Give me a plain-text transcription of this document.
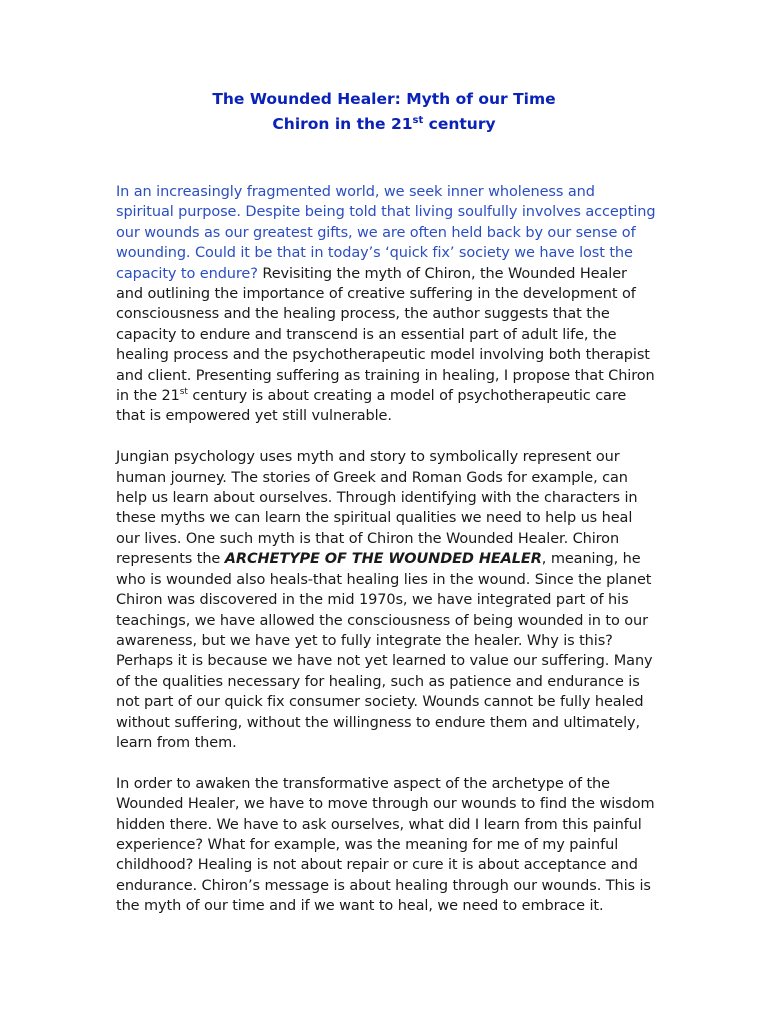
The Wounded Healer: Myth of our Time
Chiron in the 21st century

In an increasingly fragmented world, we seek inner wholeness and spiritual purpose. Despite being told that living soulfully involves accepting our wounds as our greatest gifts, we are often held back by our sense of wounding. Could it be that in today’s ‘quick fix’ society we have lost the capacity to endure? Revisiting the myth of Chiron, the Wounded Healer and outlining the importance of creative suffering in the development of consciousness and the healing process, the author suggests that the capacity to endure and transcend is an essential part of adult life, the healing process and the psychotherapeutic model involving both therapist and client. Presenting suffering as training in healing, I propose that Chiron in the 21st century is about creating a model of psychotherapeutic care that is empowered yet still vulnerable.

Jungian psychology uses myth and story to symbolically represent our human journey. The stories of Greek and Roman Gods for example, can help us learn about ourselves. Through identifying with the characters in these myths we can learn the spiritual qualities we need to help us heal our lives. One such myth is that of Chiron the Wounded Healer. Chiron represents the ARCHETYPE OF THE WOUNDED HEALER, meaning, he who is wounded also heals-that healing lies in the wound. Since the planet Chiron was discovered in the mid 1970s, we have integrated part of his teachings, we have allowed the consciousness of being wounded in to our awareness, but we have yet to fully integrate the healer. Why is this? Perhaps it is because we have not yet learned to value our suffering. Many of the qualities necessary for healing, such as patience and endurance is not part of our quick fix consumer society. Wounds cannot be fully healed without suffering, without the willingness to endure them and ultimately, learn from them.

In order to awaken the transformative aspect of the archetype of the Wounded Healer, we have to move through our wounds to find the wisdom hidden there. We have to ask ourselves, what did I learn from this painful experience? What for example, was the meaning for me of my painful childhood? Healing is not about repair or cure it is about acceptance and endurance. Chiron’s message is about healing through our wounds. This is the myth of our time and if we want to heal, we need to embrace it.
